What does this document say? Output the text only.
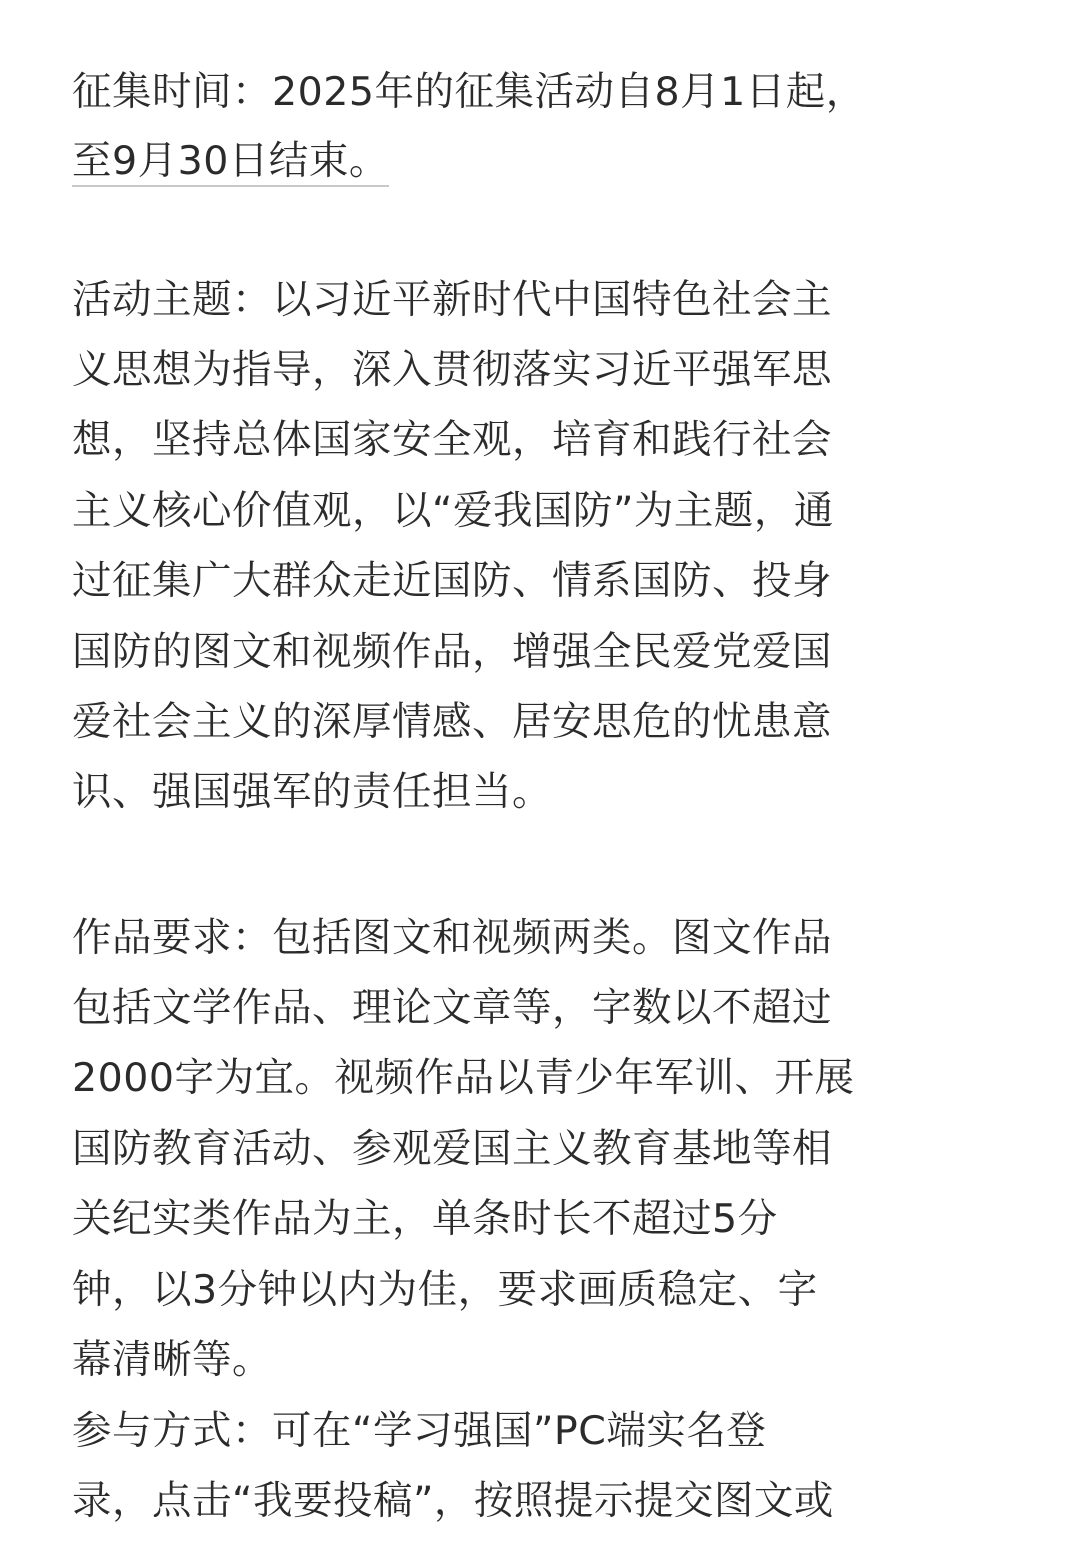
征集时间：2025年的征集活动自8月1日起，
至9月30日结束。
活动主题：以习近平新时代中国特色社会主
义思想为指导，深入贯彻落实习近平强军思
想，坚持总体国家安全观，培育和践行社会
主义核心价值观，以“爱我国防”为主题，通
过征集广大群众走近国防、情系国防、投身
国防的图文和视频作品，增强全民爱党爱国
爱社会主义的深厚情感、居安思危的忧患意
识、强国强军的责任担当。
作品要求：包括图文和视频两类。图文作品
包括文学作品、理论文章等，字数以不超过
2000字为宜。视频作品以青少年军训、开展
国防教育活动、参观爱国主义教育基地等相
关纪实类作品为主，单条时长不超过5分
钟，以3分钟以内为佳，要求画质稳定、字
幕清晰等。
参与方式：可在“学习强国”PC端实名登
录，点击“我要投稿”，按照提示提交图文或
